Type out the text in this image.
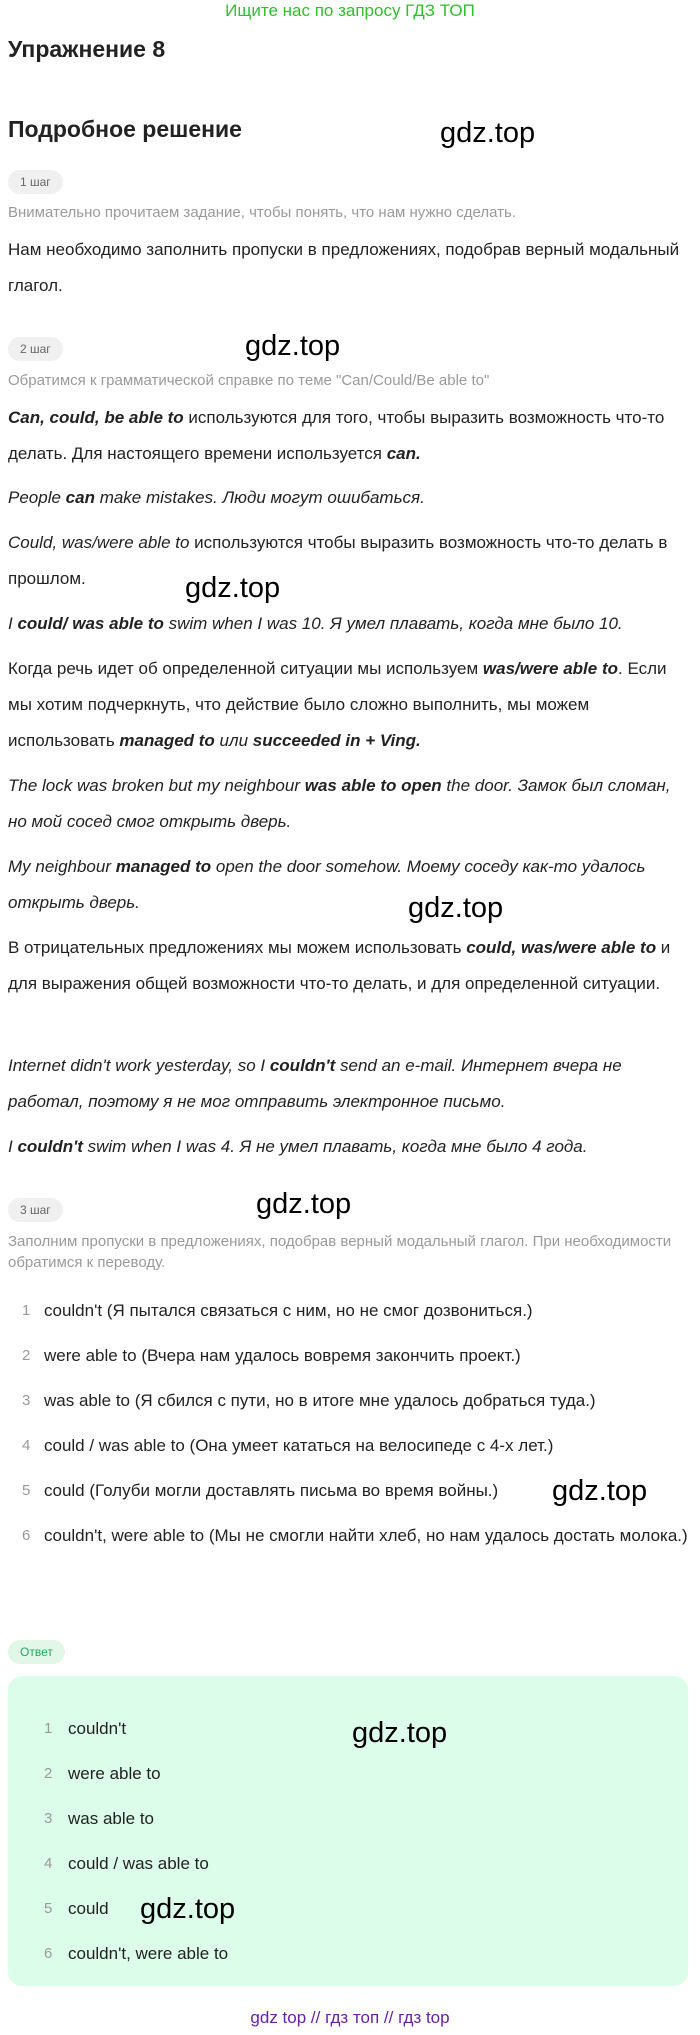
Ищите нас по запросу ГДЗ ТОП
Упражнение 8
Подробное решение	gdz.top
1 шаг
Внимательно прочитаем задание, чтобы понять, что нам нужно сделать.

Нам необходимо заполнить пропуски в предложениях, подобрав верный модальный глагол.

2 шаг	gdz.top
Обратимся к грамматической справке по теме "Can/Could/Be able to"

Can, could, be able to используются для того, чтобы выразить возможность что-то делать. Для настоящего времени используется can.

People can make mistakes. Люди могут ошибаться.

Could, was/were able to используются чтобы выразить возможность что-то делать в прошлом.	gdz.top

I could/ was able to swim when I was 10. Я умел плавать, когда мне было 10.

Когда речь идет об определенной ситуации мы используем was/were able to. Если мы хотим подчеркнуть, что действие было сложно выполнить, мы можем использовать managed to или succeeded in + Ving.

The lock was broken but my neighbour was able to open the door. Замок был сломан, но мой сосед смог открыть дверь.

My neighbour managed to open the door somehow. Моему соседу как-то удалось открыть дверь.	gdz.top

В отрицательных предложениях мы можем использовать could, was/were able to и для выражения общей возможности что-то делать, и для определенной ситуации.

Internet didn't work yesterday, so I couldn't send an e-mail. Интернет вчера не работал, поэтому я не мог отправить электронное письмо.

I couldn't swim when I was 4. Я не умел плавать, когда мне было 4 года.

3 шаг	gdz.top
Заполним пропуски в предложениях, подобрав верный модальный глагол. При необходимости обратимся к переводу.
1 couldn't (Я пытался связаться с ним, но не смог дозвониться.)
2 were able to (Вчера нам удалось вовремя закончить проект.)
3 was able to (Я сбился с пути, но в итоге мне удалось добраться туда.)
4 could / was able to (Она умеет кататься на велосипеде с 4-х лет.)
5 could (Голуби могли доставлять письма во время войны.)
6 couldn't, were able to (Мы не смогли найти хлеб, но нам удалось достать молока.)
gdz.top
Ответ
1 couldn't
2 were able to
3 was able to
4 could / was able to
5 could
6 couldn't, were able to
gdz.top
gdz.top
gdz top // гдз топ // гдз top
